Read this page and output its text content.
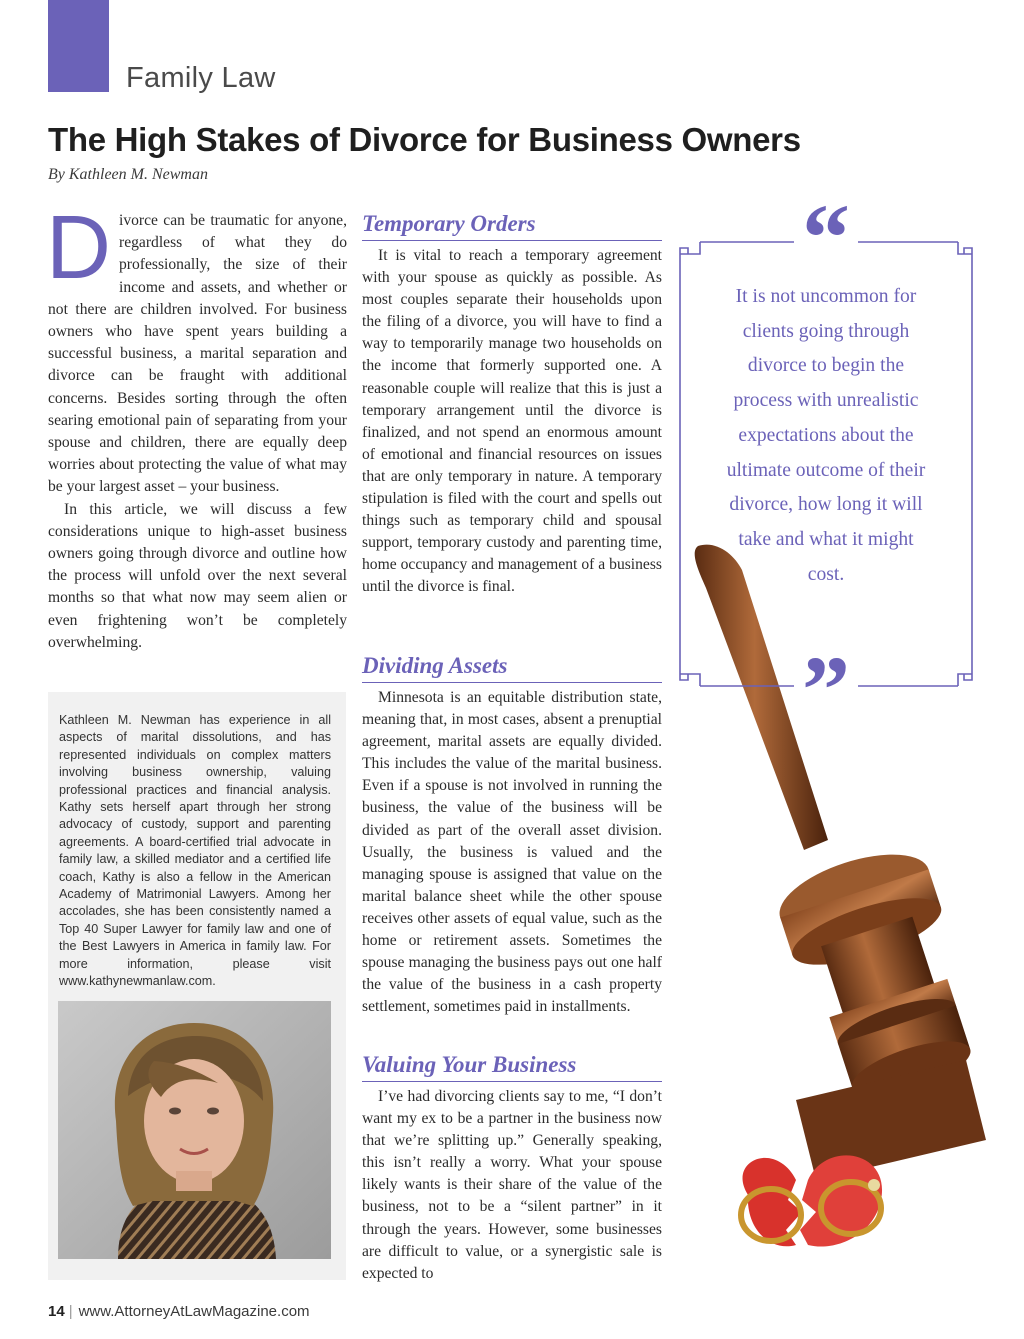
Family Law
The High Stakes of Divorce for Business Owners
By Kathleen M. Newman

Divorce can be traumatic for anyone, regardless of what they do professionally, the size of their income and assets, and whether or not there are children involved. For business owners who have spent years building a successful business, a marital separation and divorce can be fraught with additional concerns. Besides sorting through the often searing emotional pain of separating from your spouse and children, there are equally deep worries about protecting the value of what may be your largest asset – your business.

In this article, we will discuss a few considerations unique to high-asset business owners going through divorce and outline how the process will unfold over the next several months so that what now may seem alien or even frightening won’t be completely overwhelming.

Kathleen M. Newman has experience in all aspects of marital dissolutions, and has represented individuals on complex matters involving business ownership, valuing professional practices and financial analysis. Kathy sets herself apart through her strong advocacy of custody, support and parenting agreements. A board-certified trial advocate in family law, a skilled mediator and a certified life coach, Kathy is also a fellow in the American Academy of Matrimonial Lawyers. Among her accolades, she has been consistently named a Top 40 Super Lawyer for family law and one of the Best Lawyers in America in family law. For more information, please visit www.kathynewmanlaw.com.
Temporary Orders

It is vital to reach a temporary agreement with your spouse as quickly as possible. As most couples separate their households upon the filing of a divorce, you will have to find a way to temporarily manage two households on the income that formerly supported one. A reasonable couple will realize that this is just a temporary arrangement until the divorce is finalized, and not spend an enormous amount of emotional and financial resources on issues that are only temporary in nature. A temporary stipulation is filed with the court and spells out things such as temporary child and spousal support, temporary custody and parenting time, home occupancy and management of a business until the divorce is final.

Dividing Assets

Minnesota is an equitable distribution state, meaning that, in most cases, absent a prenuptial agreement, marital assets are equally divided. This includes the value of the marital business. Even if a spouse is not involved in running the business, the value of the business will be divided as part of the overall asset division. Usually, the business is valued and the managing spouse is assigned that value on the marital balance sheet while the other spouse receives other assets of equal value, such as the home or retirement assets. Sometimes the spouse managing the business pays out one half the value of the business in a cash property settlement, sometimes paid in installments.

Valuing Your Business

I’ve had divorcing clients say to me, “I don’t want my ex to be a partner in the business now that we’re splitting up.” Generally speaking, this isn’t really a worry. What your spouse likely wants is their share of the value of the business, not to be a “silent partner” in it through the years. However, some businesses are difficult to value, or a synergistic sale is expected to

“
”
It is not uncommon for clients going through divorce to begin the process with unrealistic expectations about the ultimate outcome of their divorce, how long it will take and what it might cost.
14 | www.AttorneyAtLawMagazine.com
